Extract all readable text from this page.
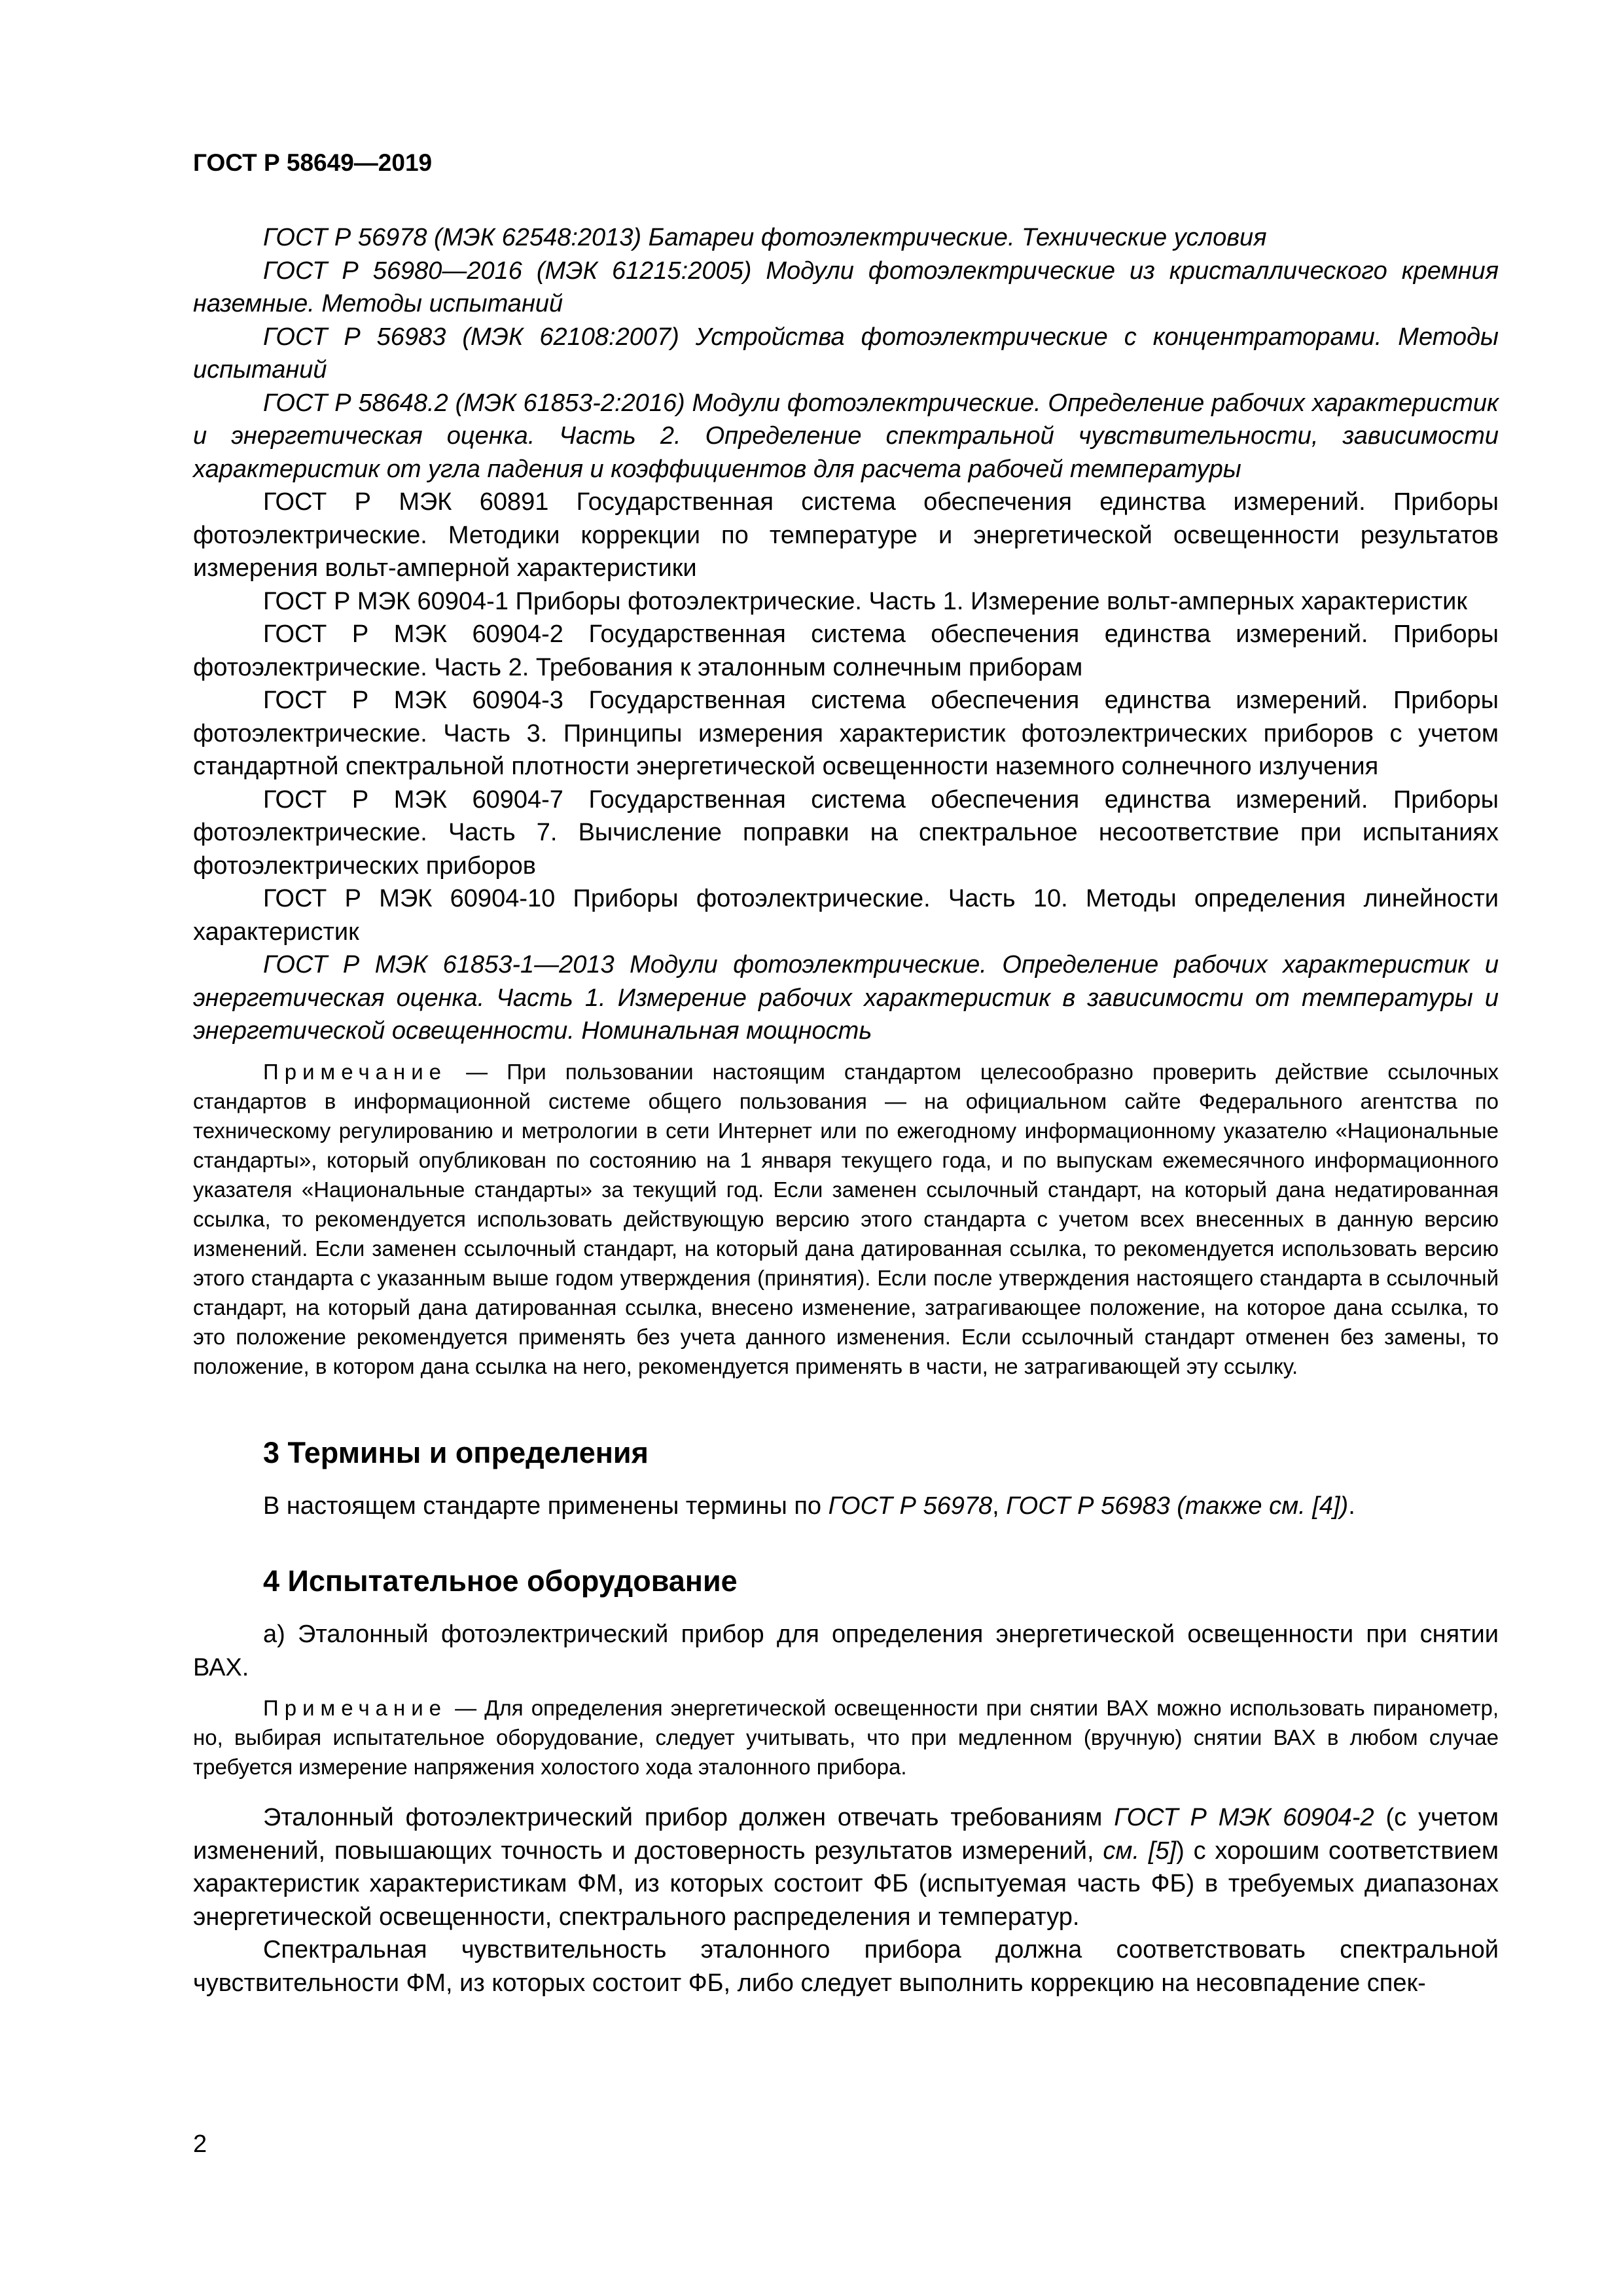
ГОСТ Р 58649—2019

ГОСТ Р 56978 (МЭК 62548:2013) Батареи фотоэлектрические. Технические условия

ГОСТ Р 56980—2016 (МЭК 61215:2005) Модули фотоэлектрические из кристаллического кремния наземные. Методы испытаний

ГОСТ Р 56983 (МЭК 62108:2007) Устройства фотоэлектрические с концентраторами. Методы испытаний

ГОСТ Р 58648.2 (МЭК 61853-2:2016) Модули фотоэлектрические. Определение рабочих характеристик и энергетическая оценка. Часть 2. Определение спектральной чувствительности, зависимости характеристик от угла падения и коэффициентов для расчета рабочей температуры

ГОСТ Р МЭК 60891 Государственная система обеспечения единства измерений. Приборы фотоэлектрические. Методики коррекции по температуре и энергетической освещенности результатов измерения вольт-амперной характеристики

ГОСТ Р МЭК 60904-1 Приборы фотоэлектрические. Часть 1. Измерение вольт-амперных характеристик

ГОСТ Р МЭК 60904-2 Государственная система обеспечения единства измерений. Приборы фотоэлектрические. Часть 2. Требования к эталонным солнечным приборам

ГОСТ Р МЭК 60904-3 Государственная система обеспечения единства измерений. Приборы фотоэлектрические. Часть 3. Принципы измерения характеристик фотоэлектрических приборов с учетом стандартной спектральной плотности энергетической освещенности наземного солнечного излучения

ГОСТ Р МЭК 60904-7 Государственная система обеспечения единства измерений. Приборы фотоэлектрические. Часть 7. Вычисление поправки на спектральное несоответствие при испытаниях фотоэлектрических приборов

ГОСТ Р МЭК 60904-10 Приборы фотоэлектрические. Часть 10. Методы определения линейности характеристик

ГОСТ Р МЭК 61853-1—2013 Модули фотоэлектрические. Определение рабочих характеристик и энергетическая оценка. Часть 1. Измерение рабочих характеристик в зависимости от температуры и энергетической освещенности. Номинальная мощность

Примечание — При пользовании настоящим стандартом целесообразно проверить действие ссылочных стандартов в информационной системе общего пользования — на официальном сайте Федерального агентства по техническому регулированию и метрологии в сети Интернет или по ежегодному информационному указателю «Национальные стандарты», который опубликован по состоянию на 1 января текущего года, и по выпускам ежемесячного информационного указателя «Национальные стандарты» за текущий год. Если заменен ссылочный стандарт, на который дана недатированная ссылка, то рекомендуется использовать действующую версию этого стандарта с учетом всех внесенных в данную версию изменений. Если заменен ссылочный стандарт, на который дана датированная ссылка, то рекомендуется использовать версию этого стандарта с указанным выше годом утверждения (принятия). Если после утверждения настоящего стандарта в ссылочный стандарт, на который дана датированная ссылка, внесено изменение, затрагивающее положение, на которое дана ссылка, то это положение рекомендуется применять без учета данного изменения. Если ссылочный стандарт отменен без замены, то положение, в котором дана ссылка на него, рекомендуется применять в части, не затрагивающей эту ссылку.

3 Термины и определения

В настоящем стандарте применены термины по ГОСТ Р 56978, ГОСТ Р 56983 (также см. [4]).

4 Испытательное оборудование

а) Эталонный фотоэлектрический прибор для определения энергетической освещенности при снятии ВАХ.

Примечание — Для определения энергетической освещенности при снятии ВАХ можно использовать пиранометр, но, выбирая испытательное оборудование, следует учитывать, что при медленном (вручную) снятии ВАХ в любом случае требуется измерение напряжения холостого хода эталонного прибора.

Эталонный фотоэлектрический прибор должен отвечать требованиям ГОСТ Р МЭК 60904-2 (с учетом изменений, повышающих точность и достоверность результатов измерений, см. [5]) с хорошим соответствием характеристик характеристикам ФМ, из которых состоит ФБ (испытуемая часть ФБ) в требуемых диапазонах энергетической освещенности, спектрального распределения и температур.

Спектральная чувствительность эталонного прибора должна соответствовать спектральной чувствительности ФМ, из которых состоит ФБ, либо следует выполнить коррекцию на несовпадение спек-

2
